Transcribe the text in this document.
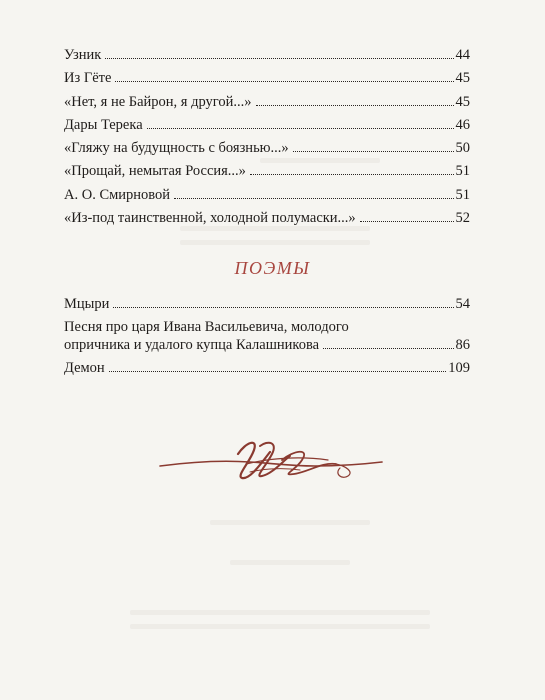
Узник	44
Из Гёте	45
«Нет, я не Байрон, я другой...»	45
Дары Терека	46
«Гляжу на будущность с боязнью...»	50
«Прощай, немытая Россия...»	51
А. О. Смирновой	51
«Из-под таинственной, холодной полумаски...»	52
ПОЭМЫ
Мцыри	54
Песня про царя Ивана Васильевича, молодого
опричника и удалого купца Калашникова	86
Демон	109
